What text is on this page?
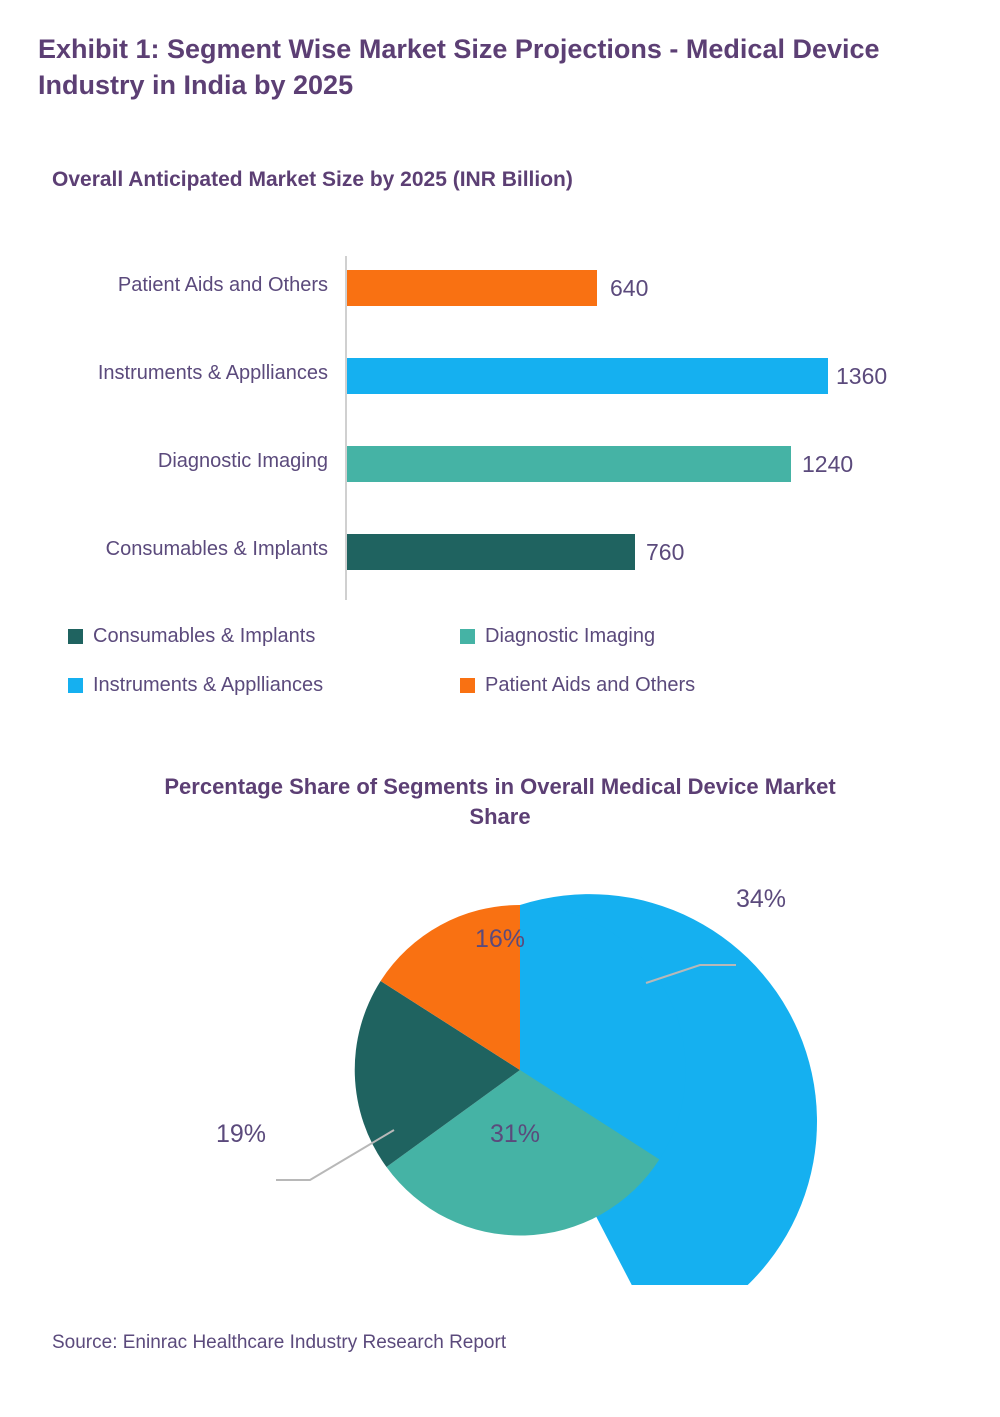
Exhibit 1: Segment Wise Market Size Projections - Medical Device Industry in India by 2025
Overall Anticipated Market Size by 2025 (INR Billion)
Patient Aids and Others	640
Instruments & Applliances	1360
Diagnostic Imaging	1240
Consumables & Implants	760
Consumables & Implants	Diagnostic Imaging
Instruments & Applliances	Patient Aids and Others
Percentage Share of Segments in Overall Medical Device Market Share
16%
31%
34%
19%
Source: Eninrac Healthcare Industry Research Report
